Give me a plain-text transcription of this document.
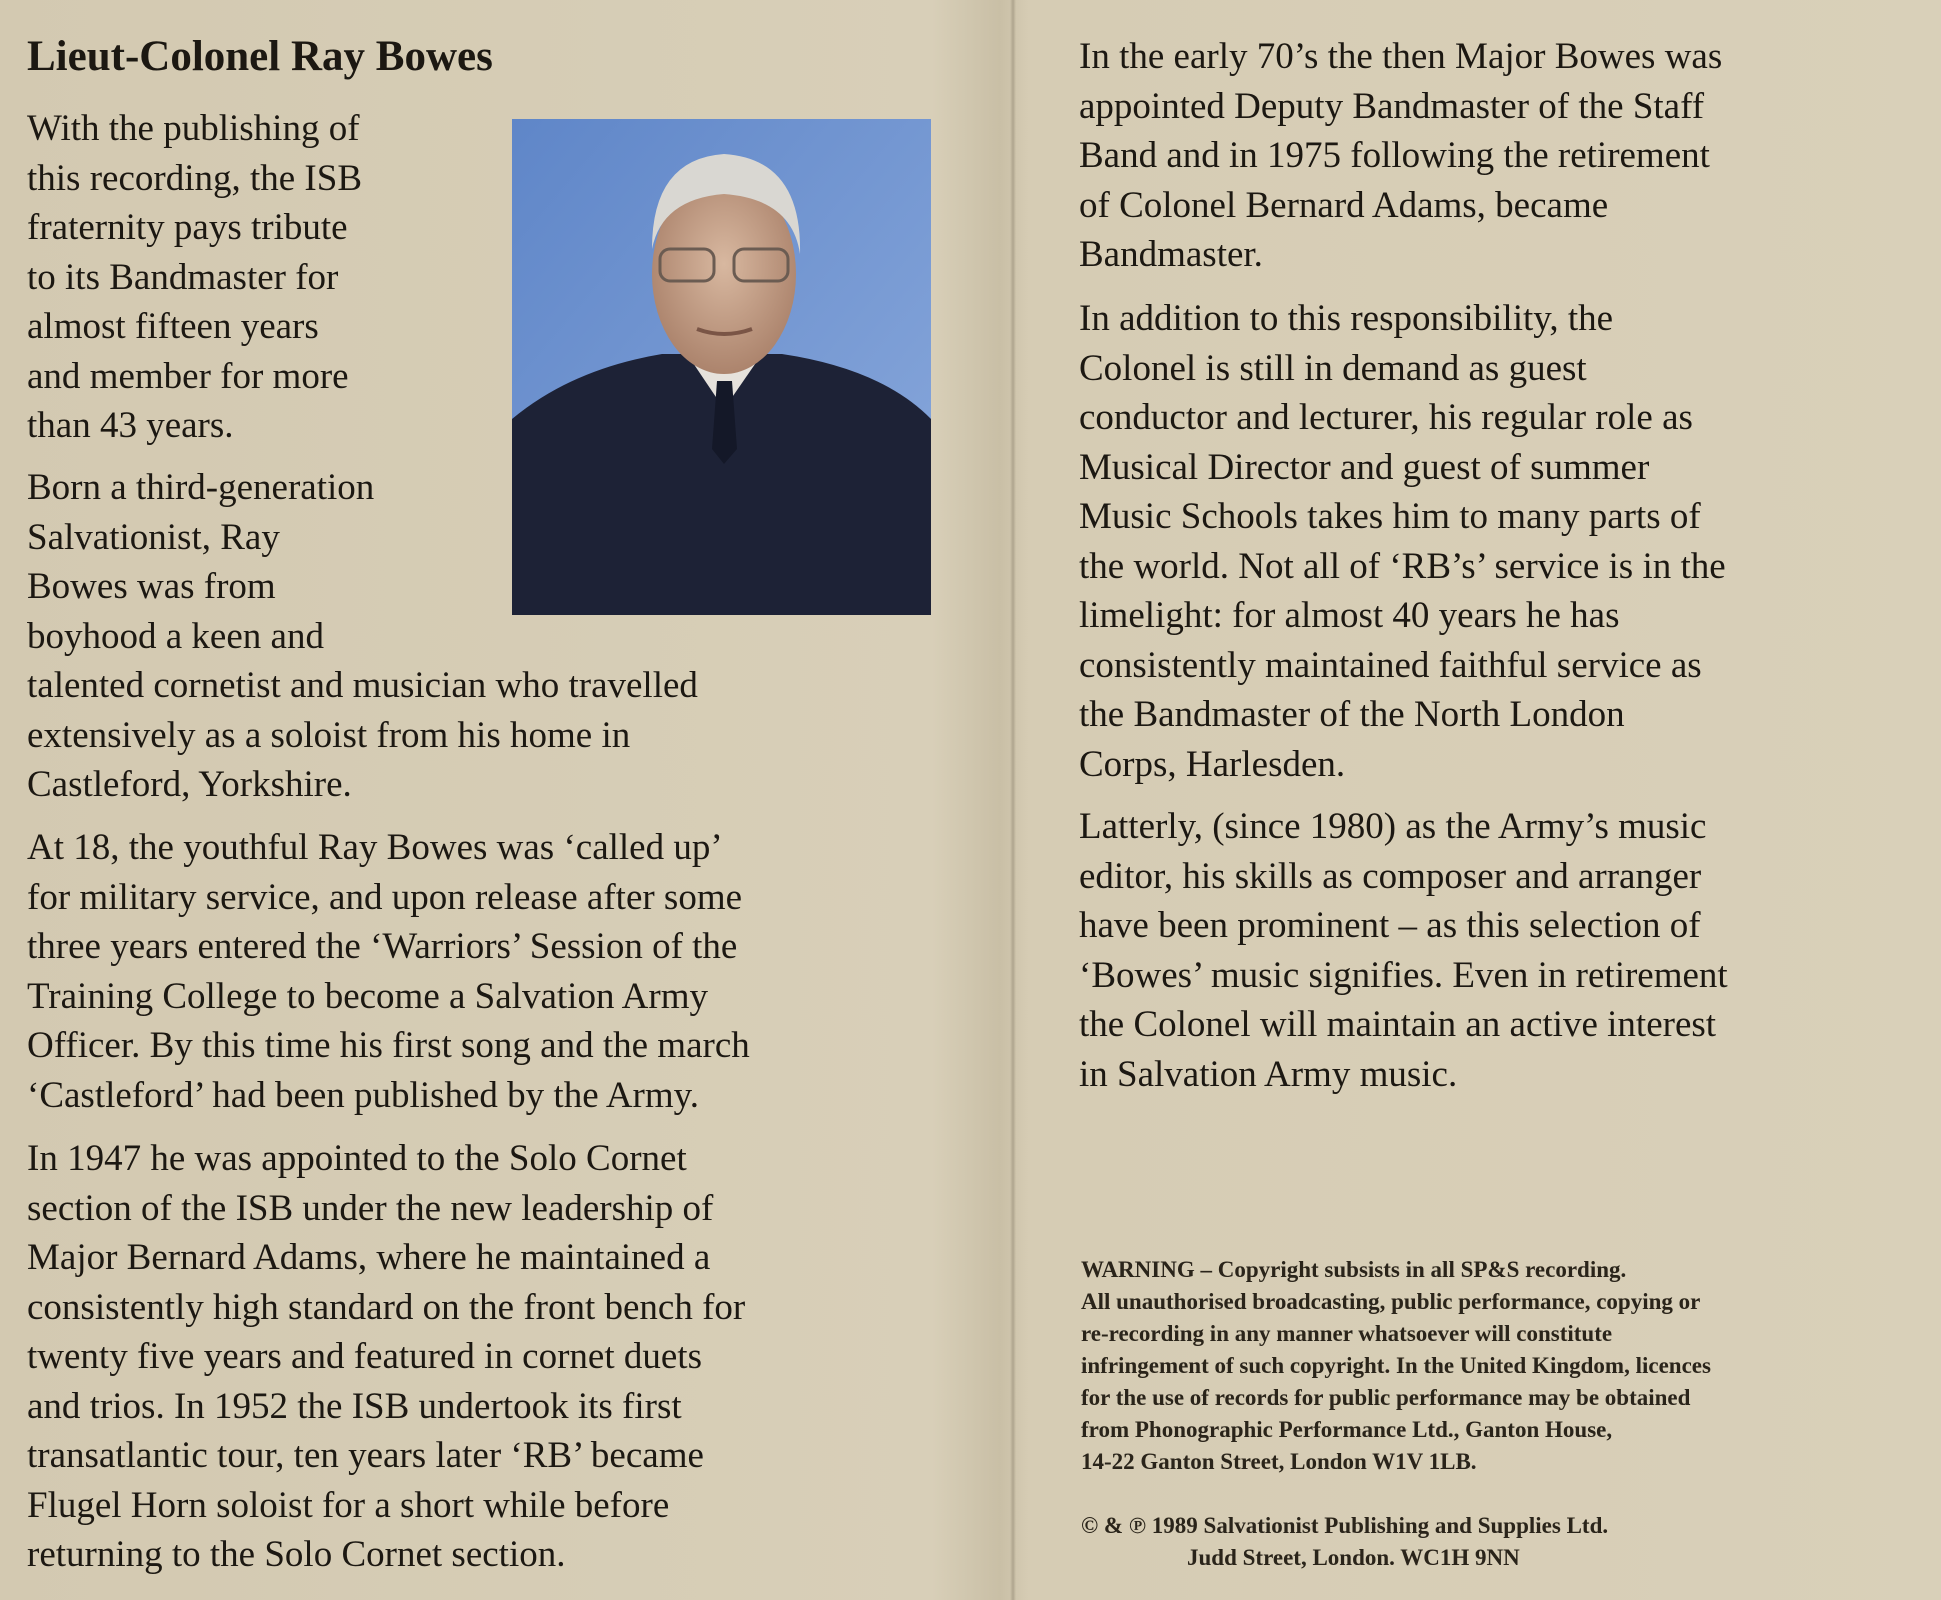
Lieut-Colonel Ray Bowes
With the publishing of
this recording, the ISB
fraternity pays tribute
to its Bandmaster for
almost fifteen years
and member for more
than 43 years.
Born a third-generation
Salvationist, Ray
Bowes was from
boyhood a keen and
talented cornetist and musician who travelled
extensively as a soloist from his home in
Castleford, Yorkshire.
At 18, the youthful Ray Bowes was ‘called up’
for military service, and upon release after some
three years entered the ‘Warriors’ Session of the
Training College to become a Salvation Army
Officer. By this time his first song and the march
‘Castleford’ had been published by the Army.
In 1947 he was appointed to the Solo Cornet
section of the ISB under the new leadership of
Major Bernard Adams, where he maintained a
consistently high standard on the front bench for
twenty five years and featured in cornet duets
and trios. In 1952 the ISB undertook its first
transatlantic tour, ten years later ‘RB’ became
Flugel Horn soloist for a short while before
returning to the Solo Cornet section.
In the early 70’s the then Major Bowes was
appointed Deputy Bandmaster of the Staff
Band and in 1975 following the retirement
of Colonel Bernard Adams, became
Bandmaster.
In addition to this responsibility, the
Colonel is still in demand as guest
conductor and lecturer, his regular role as
Musical Director and guest of summer
Music Schools takes him to many parts of
the world. Not all of ‘RB’s’ service is in the
limelight: for almost 40 years he has
consistently maintained faithful service as
the Bandmaster of the North London
Corps, Harlesden.
Latterly, (since 1980) as the Army’s music
editor, his skills as composer and arranger
have been prominent – as this selection of
‘Bowes’ music signifies. Even in retirement
the Colonel will maintain an active interest
in Salvation Army music.
WARNING – Copyright subsists in all SP&S recording.
All unauthorised broadcasting, public performance, copying or
re-recording in any manner whatsoever will constitute
infringement of such copyright. In the United Kingdom, licences
for the use of records for public performance may be obtained
from Phonographic Performance Ltd., Ganton House,
14-22 Ganton Street, London W1V 1LB.
© & ℗ 1989 Salvationist Publishing and Supplies Ltd.
Judd Street, London. WC1H 9NN
